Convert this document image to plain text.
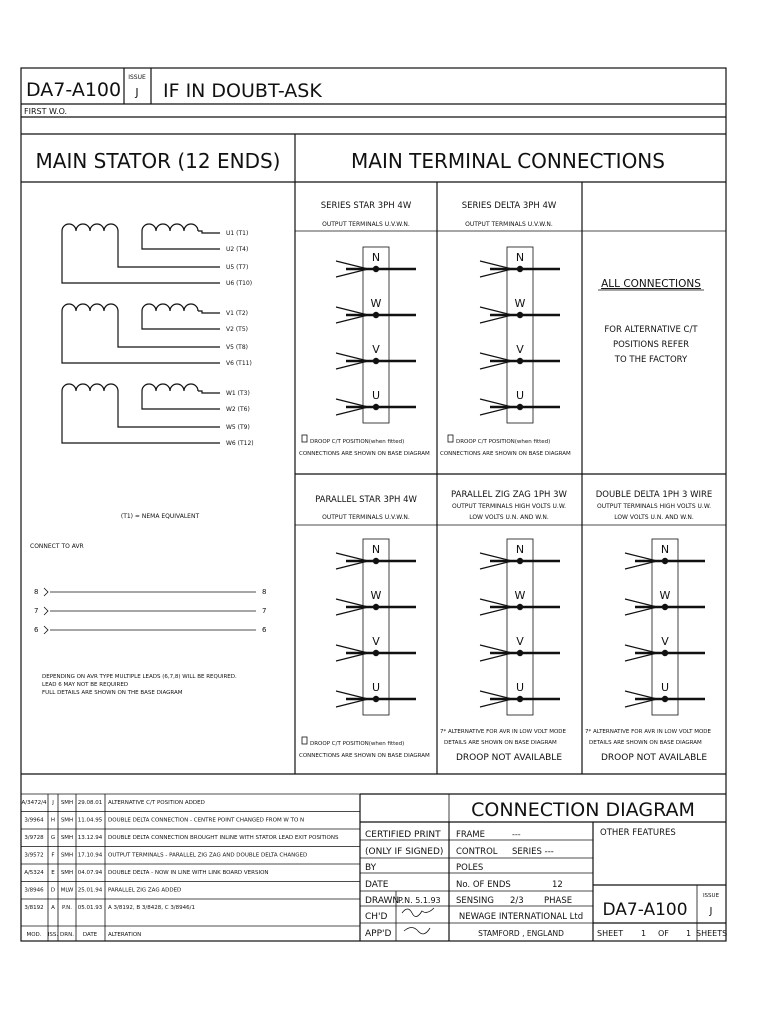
DA7-A100
ISSUE
J IF IN DOUBT-ASK
FIRST W.O.
MAIN STATOR (12 ENDS)	MAIN TERMINAL CONNECTIONS
SERIES STAR 3PH 4W
OUTPUT TERMINALS U.V.W.N.
SERIES DELTA 3PH 4W
OUTPUT TERMINALS U.V.W.N.
PARALLEL STAR 3PH 4W
OUTPUT TERMINALS U.V.W.N.
PARALLEL ZIG ZAG 1PH 3W
OUTPUT TERMINALS HIGH VOLTS U.W.
LOW VOLTS U.N. AND W.N.
DOUBLE DELTA 1PH 3 WIRE
OUTPUT TERMINALS HIGH VOLTS U.W.
LOW VOLTS U.N. AND W.N.
ALL CONNECTIONS
FOR ALTERNATIVE C/T
POSITIONS REFER
TO THE FACTORY
DROOP C/T POSITION(when fitted)
CONNECTIONS ARE SHOWN ON BASE DIAGRAM
DROOP C/T POSITION(when fitted)
CONNECTIONS ARE SHOWN ON BASE DIAGRAM
DROOP C/T POSITION(when fitted)
CONNECTIONS ARE SHOWN ON BASE DIAGRAM
7* ALTERNATIVE FOR AVR IN LOW VOLT MODE
DETAILS ARE SHOWN ON BASE DIAGRAM
DROOP NOT AVAILABLE
7* ALTERNATIVE FOR AVR IN LOW VOLT MODE
DETAILS ARE SHOWN ON BASE DIAGRAM
DROOP NOT AVAILABLE
U1 (T1)
U2 (T4)
U5 (T7)
U6 (T10)
V1 (T2)
V2 (T5)
V5 (T8)
V6 (T11)
W1 (T3)
W2 (T6)
W5 (T9)
W6 (T12)
(T1) = NEMA EQUIVALENT
CONNECT TO AVR
8	8
7	7
6	6
DEPENDING ON AVR TYPE MULTIPLE LEADS (6,7,8) WILL BE REQUIRED.
LEAD 6 MAY NOT BE REQUIRED
FULL DETAILS ARE SHOWN ON THE BASE DIAGRAM
N
W
V
U
N
W
V
U
N
W
V
U
N
W
V
U
N
W
V
U
A/3472/4 J SMH 29.08.01 ALTERNATIVE C/T POSITION ADDED
3/9964 H SMH 11.04.95 DOUBLE DELTA CONNECTION - CENTRE POINT CHANGED FROM W TO N
3/9728 G SMH 13.12.94 DOUBLE DELTA CONNECTION BROUGHT INLINE WITH STATOR LEAD EXIT POSITIONS
3/9572 F SMH 17.10.94 OUTPUT TERMINALS - PARALLEL ZIG ZAG AND DOUBLE DELTA CHANGED
A/5324 E SMH 04.07.94 DOUBLE DELTA - NOW IN LINE WITH LINK BOARD VERSION
3/8946 D MLW 25.01.94 PARALLEL ZIG ZAG ADDED
3/8192 A P.N. 05.01.93 A 3/8192, B 3/8428, C 3/8946/1
MOD. ISS. DRN. DATE ALTERATION
CONNECTION DIAGRAM
CERTIFIED PRINT
(ONLY IF SIGNED)
BY
DATE
DRAWN
P.N. 5.1.93
CH'D
APP'D
FRAME	---
CONTROL SERIES ---
POLES
No. OF ENDS	12
SENSING 2/3 PHASE
NEWAGE INTERNATIONAL Ltd
STAMFORD , ENGLAND
OTHER FEATURES
DA7-A100
ISSUE
J
SHEET 1 OF 1 SHEETS
